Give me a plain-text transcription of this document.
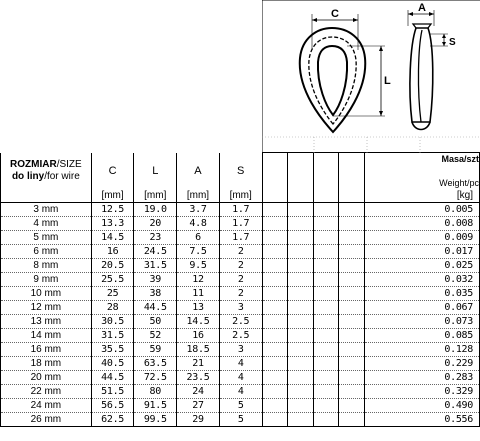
C
L
A
S
ROZMIAR/SIZE
do liny/for wire	C	L	A	S					Masa/szt

Weight/pc
	[mm]	[mm]	[mm]	[mm]					[kg]
3 mm	12.5	19.0	3.7	1.7					0.005
4 mm	13.3	20	4.8	1.7					0.008
5 mm	14.5	23	6	1.7					0.009
6 mm	16	24.5	7.5	2					0.017
8 mm	20.5	31.5	9.5	2					0.025
9 mm	25.5	39	12	2					0.032
10 mm	25	38	11	2					0.035
12 mm	28	44.5	13	3					0.067
13 mm	30.5	50	14.5	2.5					0.073
14 mm	31.5	52	16	2.5					0.085
16 mm	35.5	59	18.5	3					0.128
18 mm	40.5	63.5	21	4					0.229
20 mm	44.5	72.5	23.5	4					0.283
22 mm	51.5	80	24	4					0.329
24 mm	56.5	91.5	27	5					0.490
26 mm	62.5	99.5	29	5					0.556
